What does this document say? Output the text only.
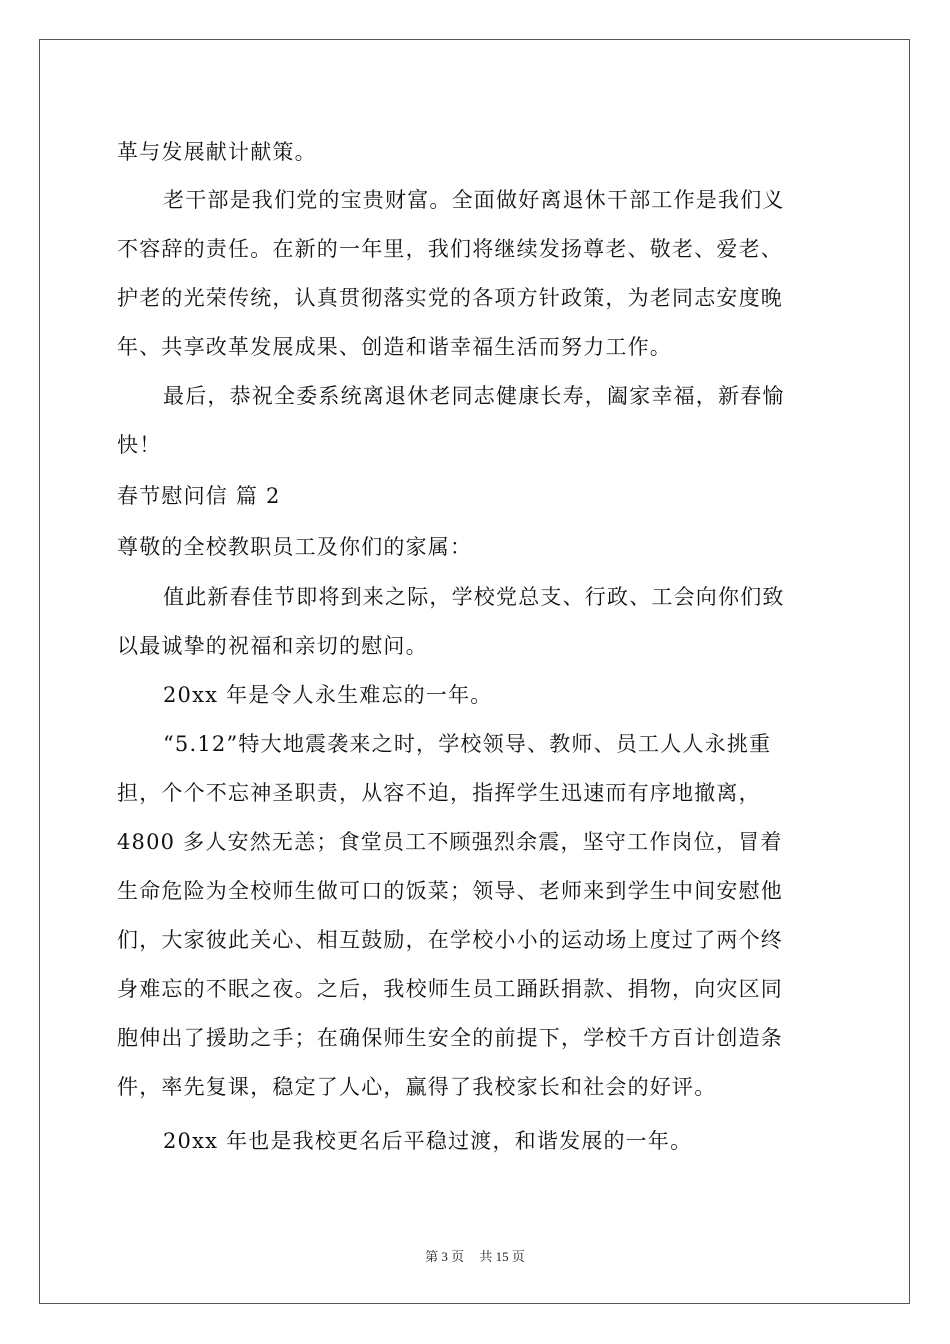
革与发展献计献策。
老干部是我们党的宝贵财富。全面做好离退休干部工作是我们义
不容辞的责任。在新的一年里，我们将继续发扬尊老、敬老、爱老、
护老的光荣传统，认真贯彻落实党的各项方针政策，为老同志安度晚
年、共享改革发展成果、创造和谐幸福生活而努力工作。
最后，恭祝全委系统离退休老同志健康长寿，阖家幸福，新春愉
快！
春节慰问信 篇 2
尊敬的全校教职员工及你们的家属：
值此新春佳节即将到来之际，学校党总支、行政、工会向你们致
以最诚挚的祝福和亲切的慰问。
20xx 年是令人永生难忘的一年。
“5.12”特大地震袭来之时，学校领导、教师、员工人人永挑重
担，个个不忘神圣职责，从容不迫，指挥学生迅速而有序地撤离，
4800 多人安然无恙；食堂员工不顾强烈余震，坚守工作岗位，冒着
生命危险为全校师生做可口的饭菜；领导、老师来到学生中间安慰他
们，大家彼此关心、相互鼓励，在学校小小的运动场上度过了两个终
身难忘的不眠之夜。之后，我校师生员工踊跃捐款、捐物，向灾区同
胞伸出了援助之手；在确保师生安全的前提下，学校千方百计创造条
件，率先复课，稳定了人心，赢得了我校家长和社会的好评。
20xx 年也是我校更名后平稳过渡，和谐发展的一年。
第 3 页 共 15 页
